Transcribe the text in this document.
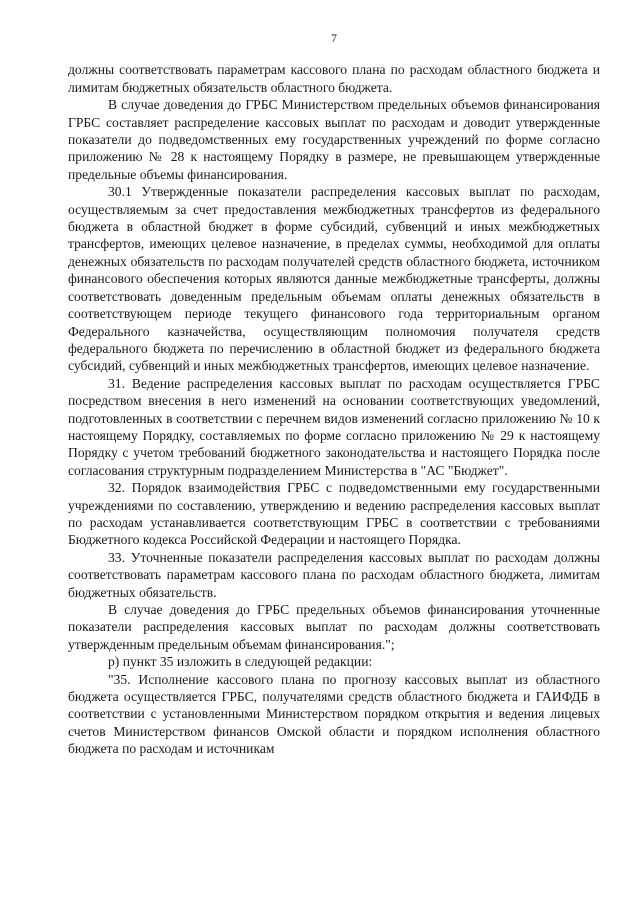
7

должны соответствовать параметрам кассового плана по расходам областного бюджета и лимитам бюджетных обязательств областного бюджета.

В случае доведения до ГРБС Министерством предельных объемов финансирования ГРБС составляет распределение кассовых выплат по расходам и доводит утвержденные показатели до подведомственных ему государственных учреждений по форме согласно приложению № 28 к настоящему Порядку в размере, не превышающем утвержденные предельные объемы финансирования.

30.1 Утвержденные показатели распределения кассовых выплат по расходам, осуществляемым за счет предоставления межбюджетных трансфертов из федерального бюджета в областной бюджет в форме субсидий, субвенций и иных межбюджетных трансфертов, имеющих целевое назначение, в пределах суммы, необходимой для оплаты денежных обязательств по расходам получателей средств областного бюджета, источником финансового обеспечения которых являются данные межбюджетные трансферты, должны соответствовать доведенным предельным объемам оплаты денежных обязательств в соответствующем периоде текущего финансового года территориальным органом Федерального казначейства, осуществляющим полномочия получателя средств федерального бюджета по перечислению в областной бюджет из федерального бюджета субсидий, субвенций и иных межбюджетных трансфертов, имеющих целевое назначение.

31. Ведение распределения кассовых выплат по расходам осуществляется ГРБС посредством внесения в него изменений на основании соответствующих уведомлений, подготовленных в соответствии с перечнем видов изменений согласно приложению № 10 к настоящему Порядку, составляемых по форме согласно приложению № 29 к настоящему Порядку с учетом требований бюджетного законодательства и настоящего Порядка после согласования структурным подразделением Министерства в "АС "Бюджет".

32. Порядок взаимодействия ГРБС с подведомственными ему государственными учреждениями по составлению, утверждению и ведению распределения кассовых выплат по расходам устанавливается соответствующим ГРБС в соответствии с требованиями Бюджетного кодекса Российской Федерации и настоящего Порядка.

33. Уточненные показатели распределения кассовых выплат по расходам должны соответствовать параметрам кассового плана по расходам областного бюджета, лимитам бюджетных обязательств.

В случае доведения до ГРБС предельных объемов финансирования уточненные показатели распределения кассовых выплат по расходам должны соответствовать утвержденным предельным объемам финансирования.";

р) пункт 35 изложить в следующей редакции:

"35. Исполнение кассового плана по прогнозу кассовых выплат из областного бюджета осуществляется ГРБС, получателями средств областного бюджета и ГАИФДБ в соответствии с установленными Министерством порядком открытия и ведения лицевых счетов Министерством финансов Омской области и порядком исполнения областного бюджета по расходам и источникам
